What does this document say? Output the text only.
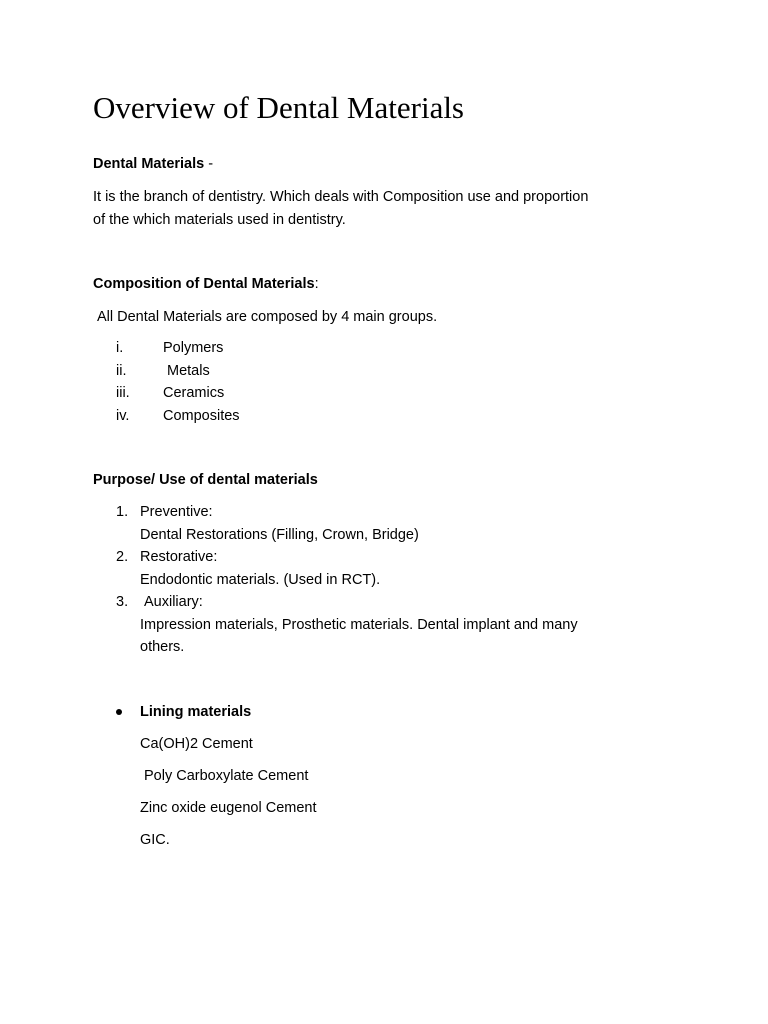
Overview of Dental Materials
Dental Materials -
It is the branch of dentistry. Which deals with Composition use and proportion
of the which materials used in dentistry.
Composition of Dental Materials:
All Dental Materials are composed by 4 main groups.
i.	Polymers
ii.	Metals
iii. Ceramics
iv. Composites
Purpose/ Use of dental materials
1. Preventive:
Dental Restorations (Filling, Crown, Bridge)
2. Restorative:
Endodontic materials. (Used in RCT).
3. Auxiliary:
Impression materials, Prosthetic materials. Dental implant and many
others.
Lining materials
Ca(OH)2 Cement
Poly Carboxylate Cement
Zinc oxide eugenol Cement
GIC.
